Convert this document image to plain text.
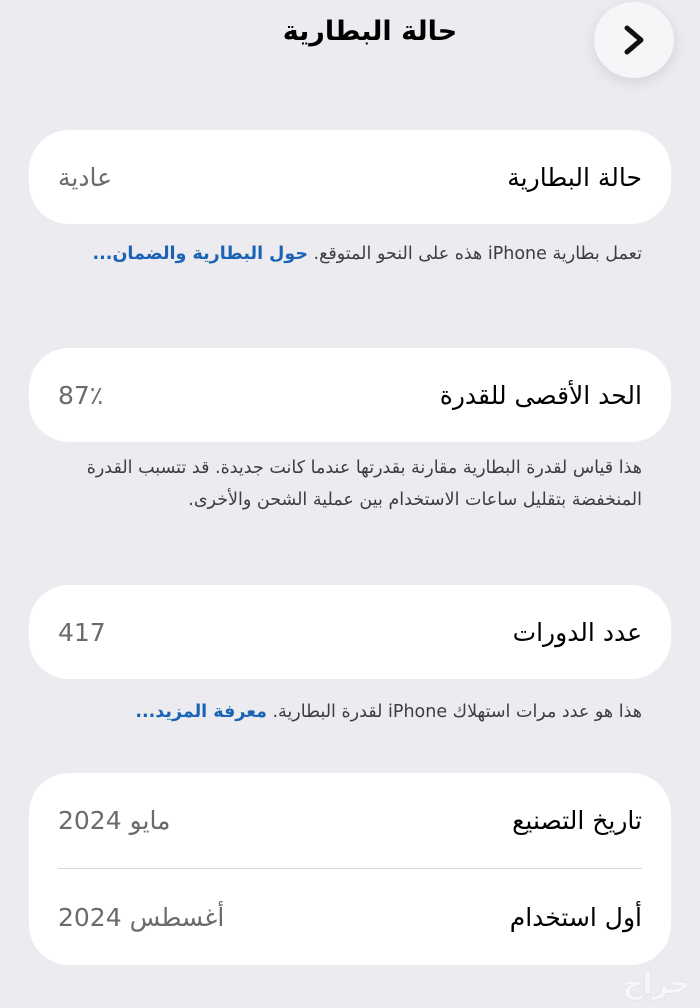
حالة البطارية
حالة البطارية
عادية
تعمل بطارية iPhone هذه على النحو المتوقع. حول البطارية والضمان...
الحد الأقصى للقدرة
87٪
هذا قياس لقدرة البطارية مقارنة بقدرتها عندما كانت جديدة. قد تتسبب القدرة المنخفضة بتقليل ساعات الاستخدام بين عملية الشحن والأخرى.
عدد الدورات
417
هذا هو عدد مرات استهلاك iPhone لقدرة البطارية. معرفة المزيد...
تاريخ التصنيع
مايو 2024
أول استخدام
أغسطس 2024
حراج
